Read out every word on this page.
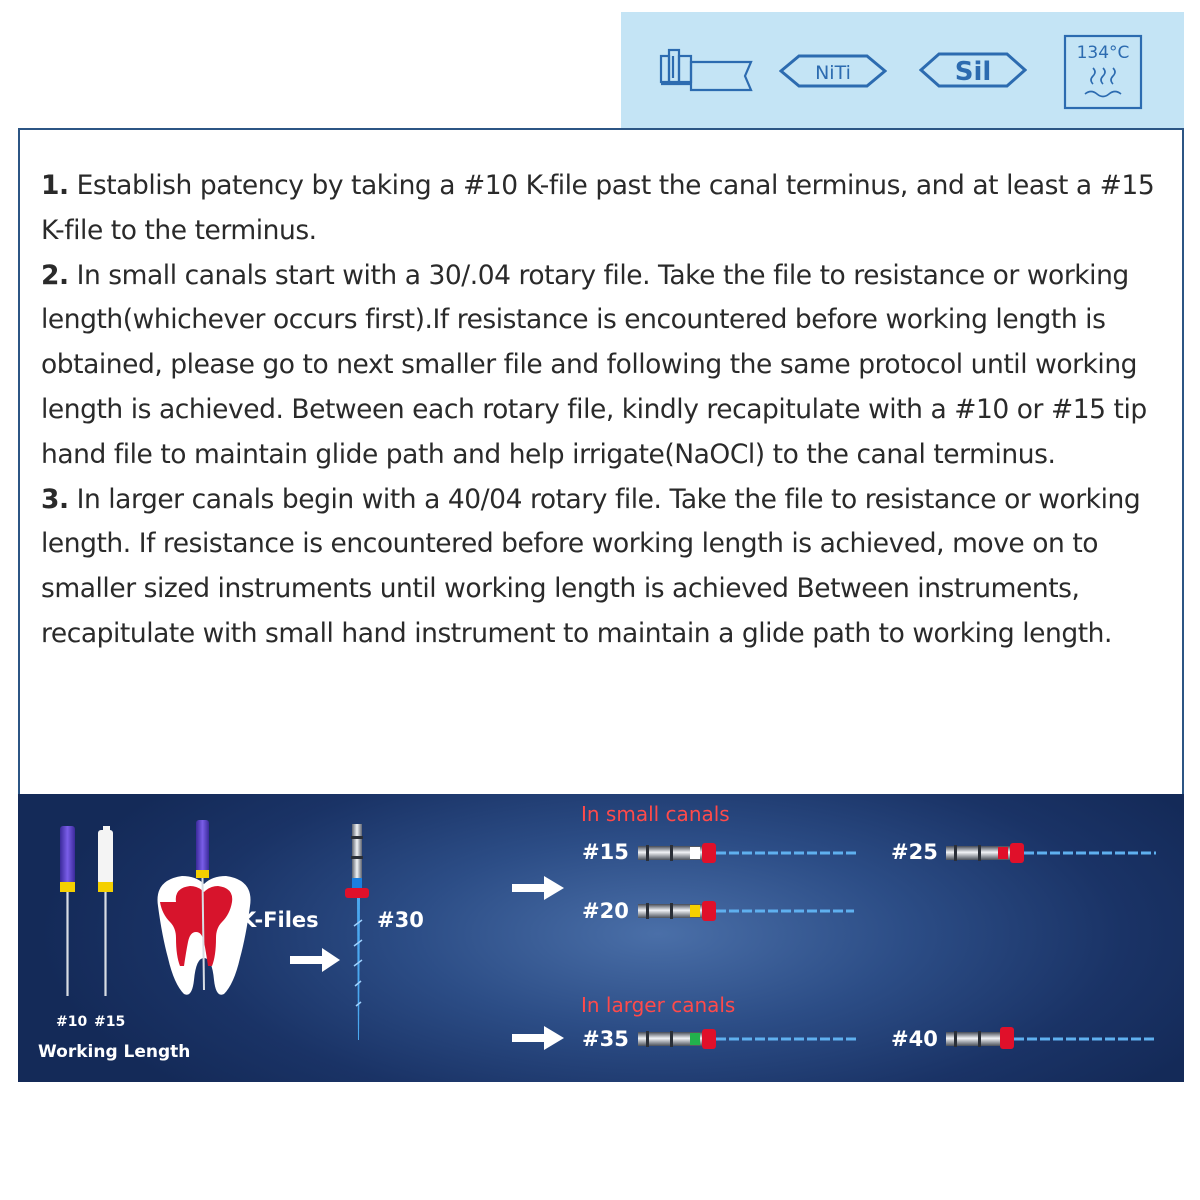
NiTi	Sil
134°C
1. Establish patency by taking a #10 K-file past the canal terminus, and at least a #15 K-file to the terminus.
2. In small canals start with a 30/.04 rotary file. Take the file to resistance or working length(whichever occurs first).If resistance is encountered before working length is obtained, please go to next smaller file and following the same protocol until working length is achieved. Between each rotary file, kindly recapitulate with a #10 or #15 tip hand file to maintain glide path and help irrigate(NaOCl) to the canal terminus.
3. In larger canals begin with a 40/04 rotary file. Take the file to resistance or working length. If resistance is encountered before working length is achieved, move on to smaller sized instruments until working length is achieved Between instruments, recapitulate with small hand instrument to maintain a glide path to working length.
#10 #15
Working Length
K-Files	#30
In small canals
In larger canals
#15	#25
#20
#35	#40
